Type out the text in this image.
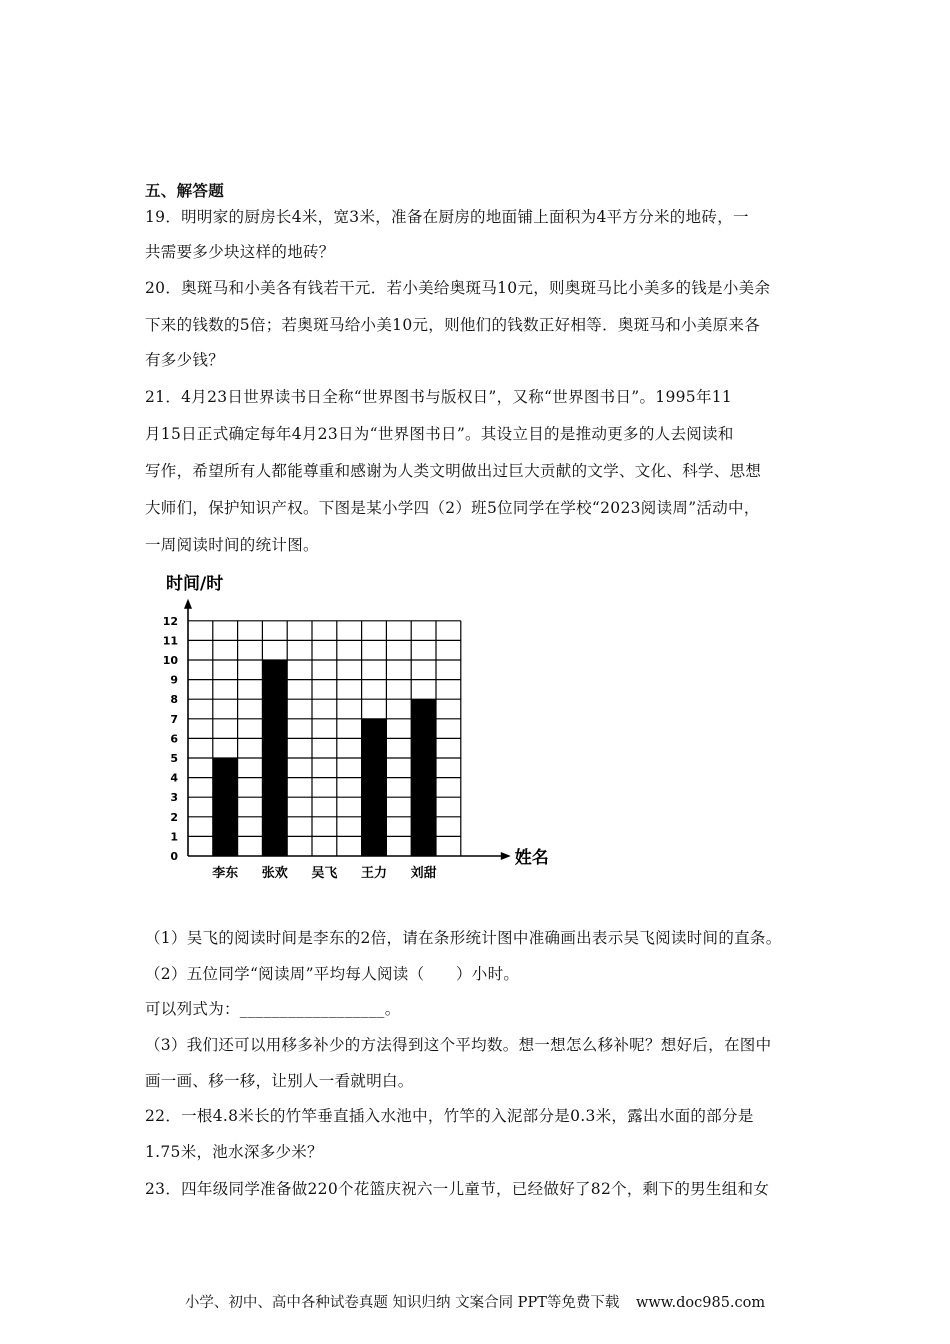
五、解答题
19．明明家的厨房长4米，宽3米，准备在厨房的地面铺上面积为4平方分米的地砖，一
共需要多少块这样的地砖？
20．奥斑马和小美各有钱若干元．若小美给奥斑马10元，则奥斑马比小美多的钱是小美余
下来的钱数的5倍；若奥斑马给小美10元，则他们的钱数正好相等．奥斑马和小美原来各
有多少钱？
21．4月23日世界读书日全称“世界图书与版权日”，又称“世界图书日”。1995年11
月15日正式确定每年4月23日为“世界图书日”。其设立目的是推动更多的人去阅读和
写作，希望所有人都能尊重和感谢为人类文明做出过巨大贡献的文学、文化、科学、思想
大师们，保护知识产权。下图是某小学四（2）班5位同学在学校“2023阅读周”活动中，
一周阅读时间的统计图。
0
1
2
3
4
5
6
7
8
9
10
11
12
时间/时
姓名
李东 张欢 吴飞 王力 刘甜
（1）吴飞的阅读时间是李东的2倍，请在条形统计图中准确画出表示吴飞阅读时间的直条。
（2）五位同学“阅读周”平均每人阅读（　　）小时。
可以列式为：__________________。
（3）我们还可以用移多补少的方法得到这个平均数。想一想怎么移补呢？想好后，在图中
画一画、移一移，让别人一看就明白。
22．一根4.8米长的竹竿垂直插入水池中，竹竿的入泥部分是0.3米，露出水面的部分是
1.75米，池水深多少米？
23．四年级同学准备做220个花篮庆祝六一儿童节，已经做好了82个，剩下的男生组和女
小学、初中、高中各种试卷真题 知识归纳 文案合同 PPT等免费下载 www.doc985.com
